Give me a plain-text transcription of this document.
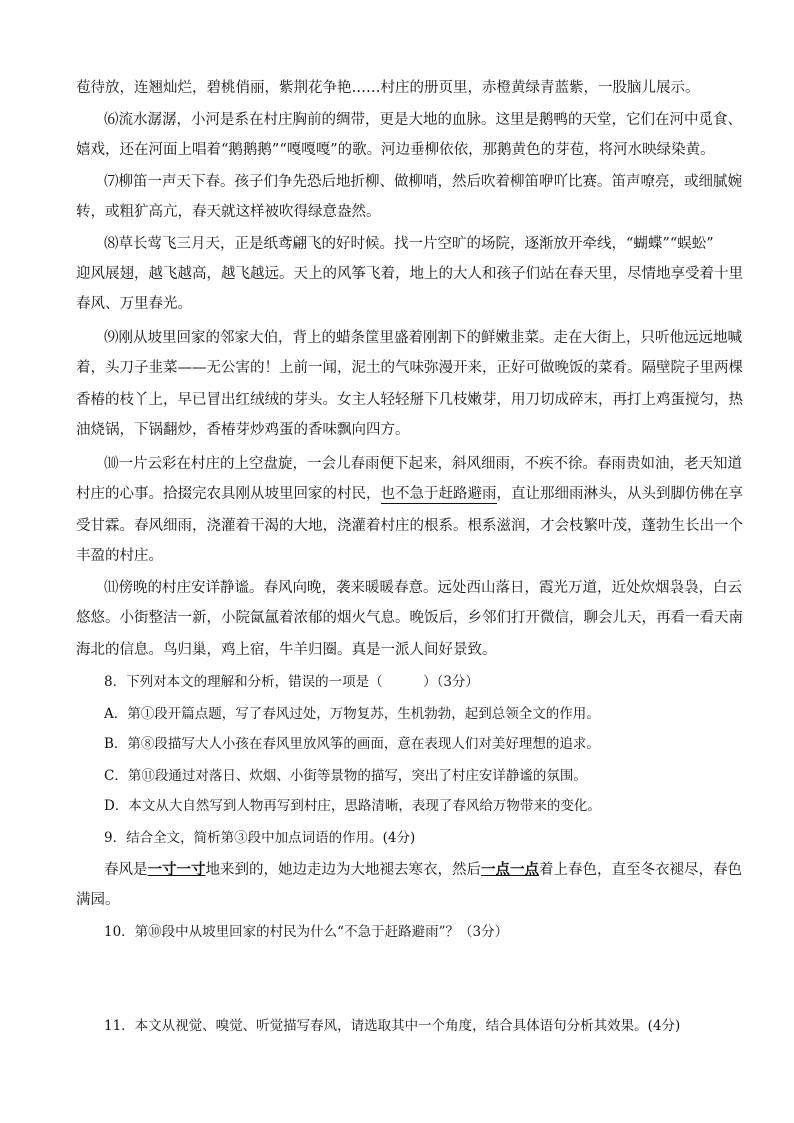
苞待放，连翘灿烂，碧桃俏丽，紫荆花争艳……村庄的册页里，赤橙黄绿青蓝紫，一股脑儿展示。
⑹流水潺潺，小河是系在村庄胸前的绸带，更是大地的血脉。这里是鹅鸭的天堂，它们在河中觅食、
嬉戏，还在河面上唱着“鹅鹅鹅”“嘎嘎嘎”的歌。河边垂柳依依，那鹅黄色的芽苞，将河水映绿染黄。
⑺柳笛一声天下春。孩子们争先恐后地折柳、做柳哨，然后吹着柳笛咿吖比赛。笛声嘹亮，或细腻婉
转，或粗犷高亢，春天就这样被吹得绿意盎然。
⑻草长莺飞三月天，正是纸鸢翩飞的好时候。找一片空旷的场院，逐渐放开牵线，“蝴蝶”“蜈蚣”
迎风展翅，越飞越高，越飞越远。天上的风筝飞着，地上的大人和孩子们站在春天里，尽情地享受着十里
春风、万里春光。
⑼刚从坡里回家的邻家大伯，背上的蜡条筐里盛着刚割下的鲜嫩韭菜。走在大街上，只听他远远地喊
着，头刀子韭菜——无公害的！上前一闻，泥土的气味弥漫开来，正好可做晚饭的菜肴。隔壁院子里两棵
香椿的枝丫上，早已冒出红绒绒的芽头。女主人轻轻掰下几枝嫩芽，用刀切成碎末，再打上鸡蛋搅匀，热
油烧锅，下锅翻炒，香椿芽炒鸡蛋的香味飘向四方。
⑽一片云彩在村庄的上空盘旋，一会儿春雨便下起来，斜风细雨，不疾不徐。春雨贵如油，老天知道
村庄的心事。拾掇完农具刚从坡里回家的村民，也不急于赶路避雨，直让那细雨淋头，从头到脚仿佛在享
受甘霖。春风细雨，浇灌着干渴的大地，浇灌着村庄的根系。根系滋润，才会枝繁叶茂，蓬勃生长出一个
丰盈的村庄。
⑾傍晚的村庄安详静谧。春风向晚，袭来暖暖春意。远处西山落日，霞光万道，近处炊烟袅袅，白云
悠悠。小街整洁一新，小院氤氲着浓郁的烟火气息。晚饭后，乡邻们打开微信，聊会儿天，再看一看天南
海北的信息。鸟归巢，鸡上宿，牛羊归圈。真是一派人间好景致。
8．下列对本文的理解和分析，错误的一项是（　　　）（3分）
A．第①段开篇点题，写了春风过处，万物复苏，生机勃勃，起到总领全文的作用。
B．第⑧段描写大人小孩在春风里放风筝的画面，意在表现人们对美好理想的追求。
C．第⑪段通过对落日、炊烟、小街等景物的描写，突出了村庄安详静谧的氛围。
D．本文从大自然写到人物再写到村庄，思路清晰，表现了春风给万物带来的变化。
9．结合全文，简析第③段中加点词语的作用。(4分)
春风是一寸一寸地来到的，她边走边为大地褪去寒衣，然后一点一点着上春色，直至冬衣褪尽，春色
满园。
10．第⑩段中从坡里回家的村民为什么“不急于赶路避雨”？（3分）
11．本文从视觉、嗅觉、听觉描写春风，请选取其中一个角度，结合具体语句分析其效果。(4分)
